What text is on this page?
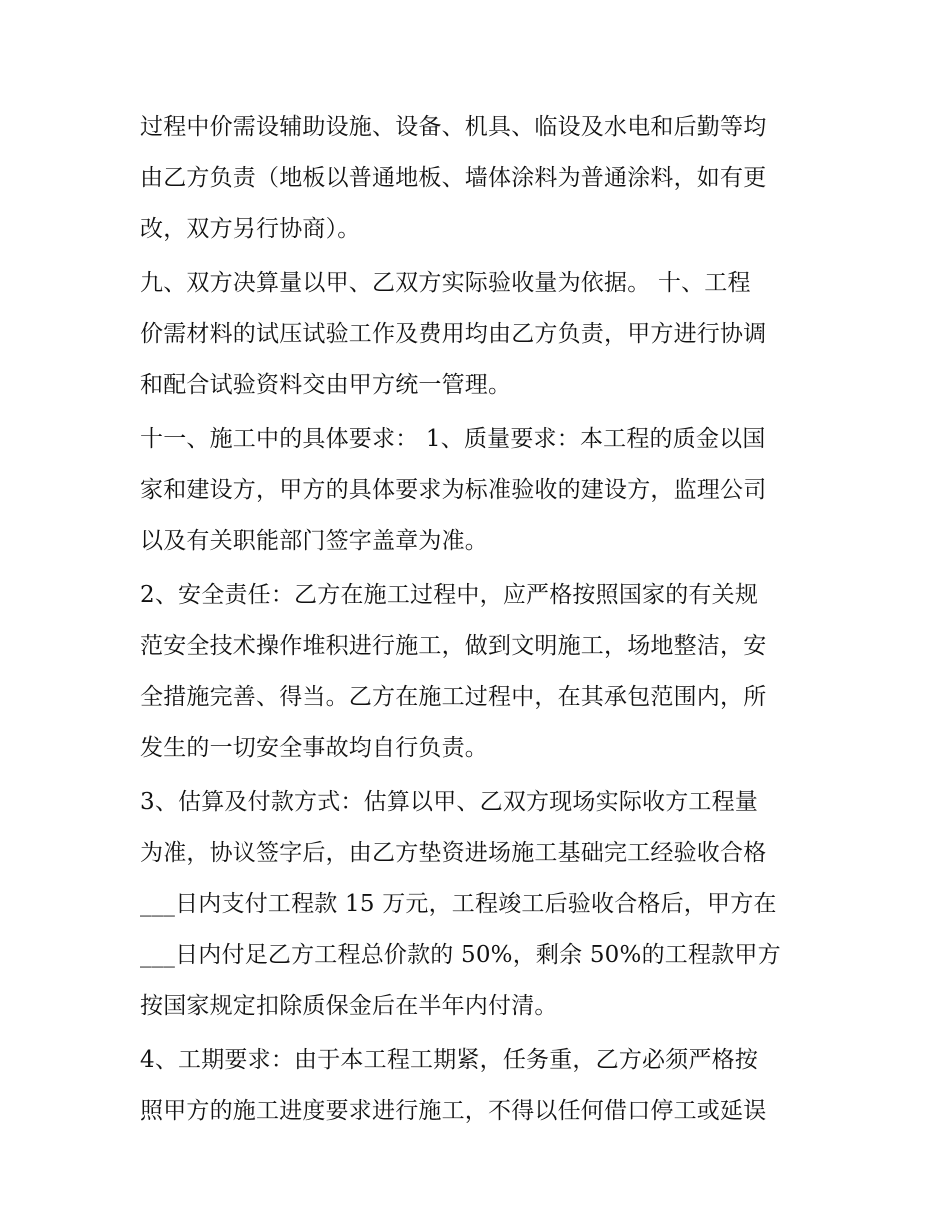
过程中价需设辅助设施、设备、机具、临设及水电和后勤等均
由乙方负责（地板以普通地板、墙体涂料为普通涂料，如有更
改，双方另行协商）。
九、双方决算量以甲、乙双方实际验收量为依据。 十、工程
价需材料的试压试验工作及费用均由乙方负责，甲方进行协调
和配合试验资料交由甲方统一管理。
十一、施工中的具体要求： 1、质量要求：本工程的质金以国
家和建设方，甲方的具体要求为标准验收的建设方，监理公司
以及有关职能部门签字盖章为准。
2、安全责任：乙方在施工过程中，应严格按照国家的有关规
范安全技术操作堆积进行施工，做到文明施工，场地整洁，安
全措施完善、得当。乙方在施工过程中，在其承包范围内，所
发生的一切安全事故均自行负责。
3、估算及付款方式：估算以甲、乙双方现场实际收方工程量
为准，协议签字后，由乙方垫资进场施工基础完工经验收合格
___日内支付工程款 15 万元，工程竣工后验收合格后，甲方在
___日内付足乙方工程总价款的 50%，剩余 50%的工程款甲方
按国家规定扣除质保金后在半年内付清。
4、工期要求：由于本工程工期紧，任务重，乙方必须严格按
照甲方的施工进度要求进行施工，不得以任何借口停工或延误
